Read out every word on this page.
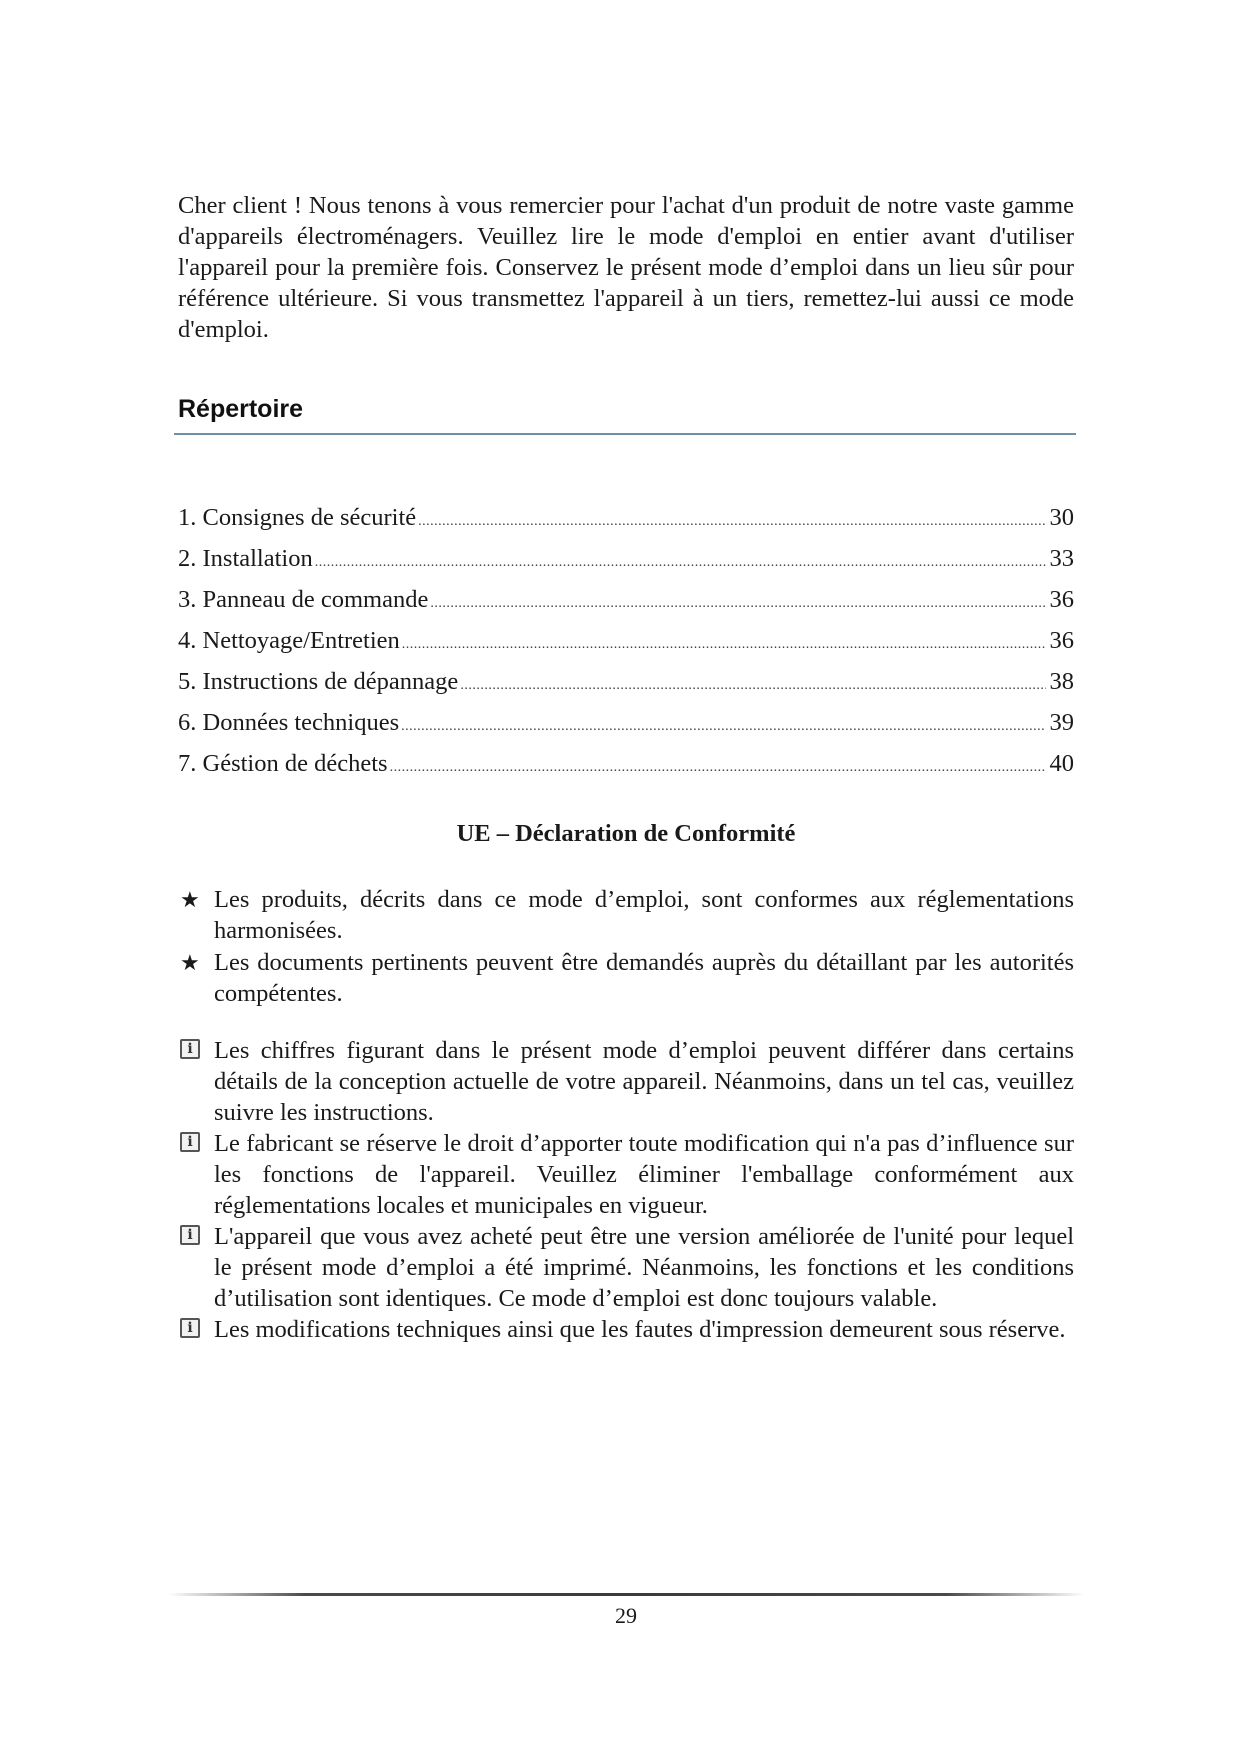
Cher client ! Nous tenons à vous remercier pour l'achat d'un produit de notre vaste gamme d'appareils électroménagers. Veuillez lire le mode d'emploi en entier avant d'utiliser l'appareil pour la première fois. Conservez le présent mode d’emploi dans un lieu sûr pour référence ultérieure. Si vous transmettez l'appareil à un tiers, remettez-lui aussi ce mode d'emploi.

Répertoire
1. Consignes de sécurité .....	30
2. Installation .....	33
3. Panneau de commande .....	36
4. Nettoyage/Entretien .....	36
5. Instructions de dépannage .....	38
6. Données techniques .....	39
7. Géstion de déchets .....	40
UE – Déclaration de Conformité
★ Les produits, décrits dans ce mode d’emploi, sont conformes aux réglementations harmonisées.
★ Les documents pertinents peuvent être demandés auprès du détaillant par les autorités compétentes.
i Les chiffres figurant dans le présent mode d’emploi peuvent différer dans certains détails de la conception actuelle de votre appareil. Néanmoins, dans un tel cas, veuillez suivre les instructions.
i Le fabricant se réserve le droit d’apporter toute modification qui n'a pas d’influence sur les fonctions de l'appareil. Veuillez éliminer l'emballage conformément aux réglementations locales et municipales en vigueur.
i L'appareil que vous avez acheté peut être une version améliorée de l'unité pour lequel le présent mode d’emploi a été imprimé. Néanmoins, les fonctions et les conditions d’utilisation sont identiques. Ce mode d’emploi est donc toujours valable.
i Les modifications techniques ainsi que les fautes d'impression demeurent sous réserve.

29
